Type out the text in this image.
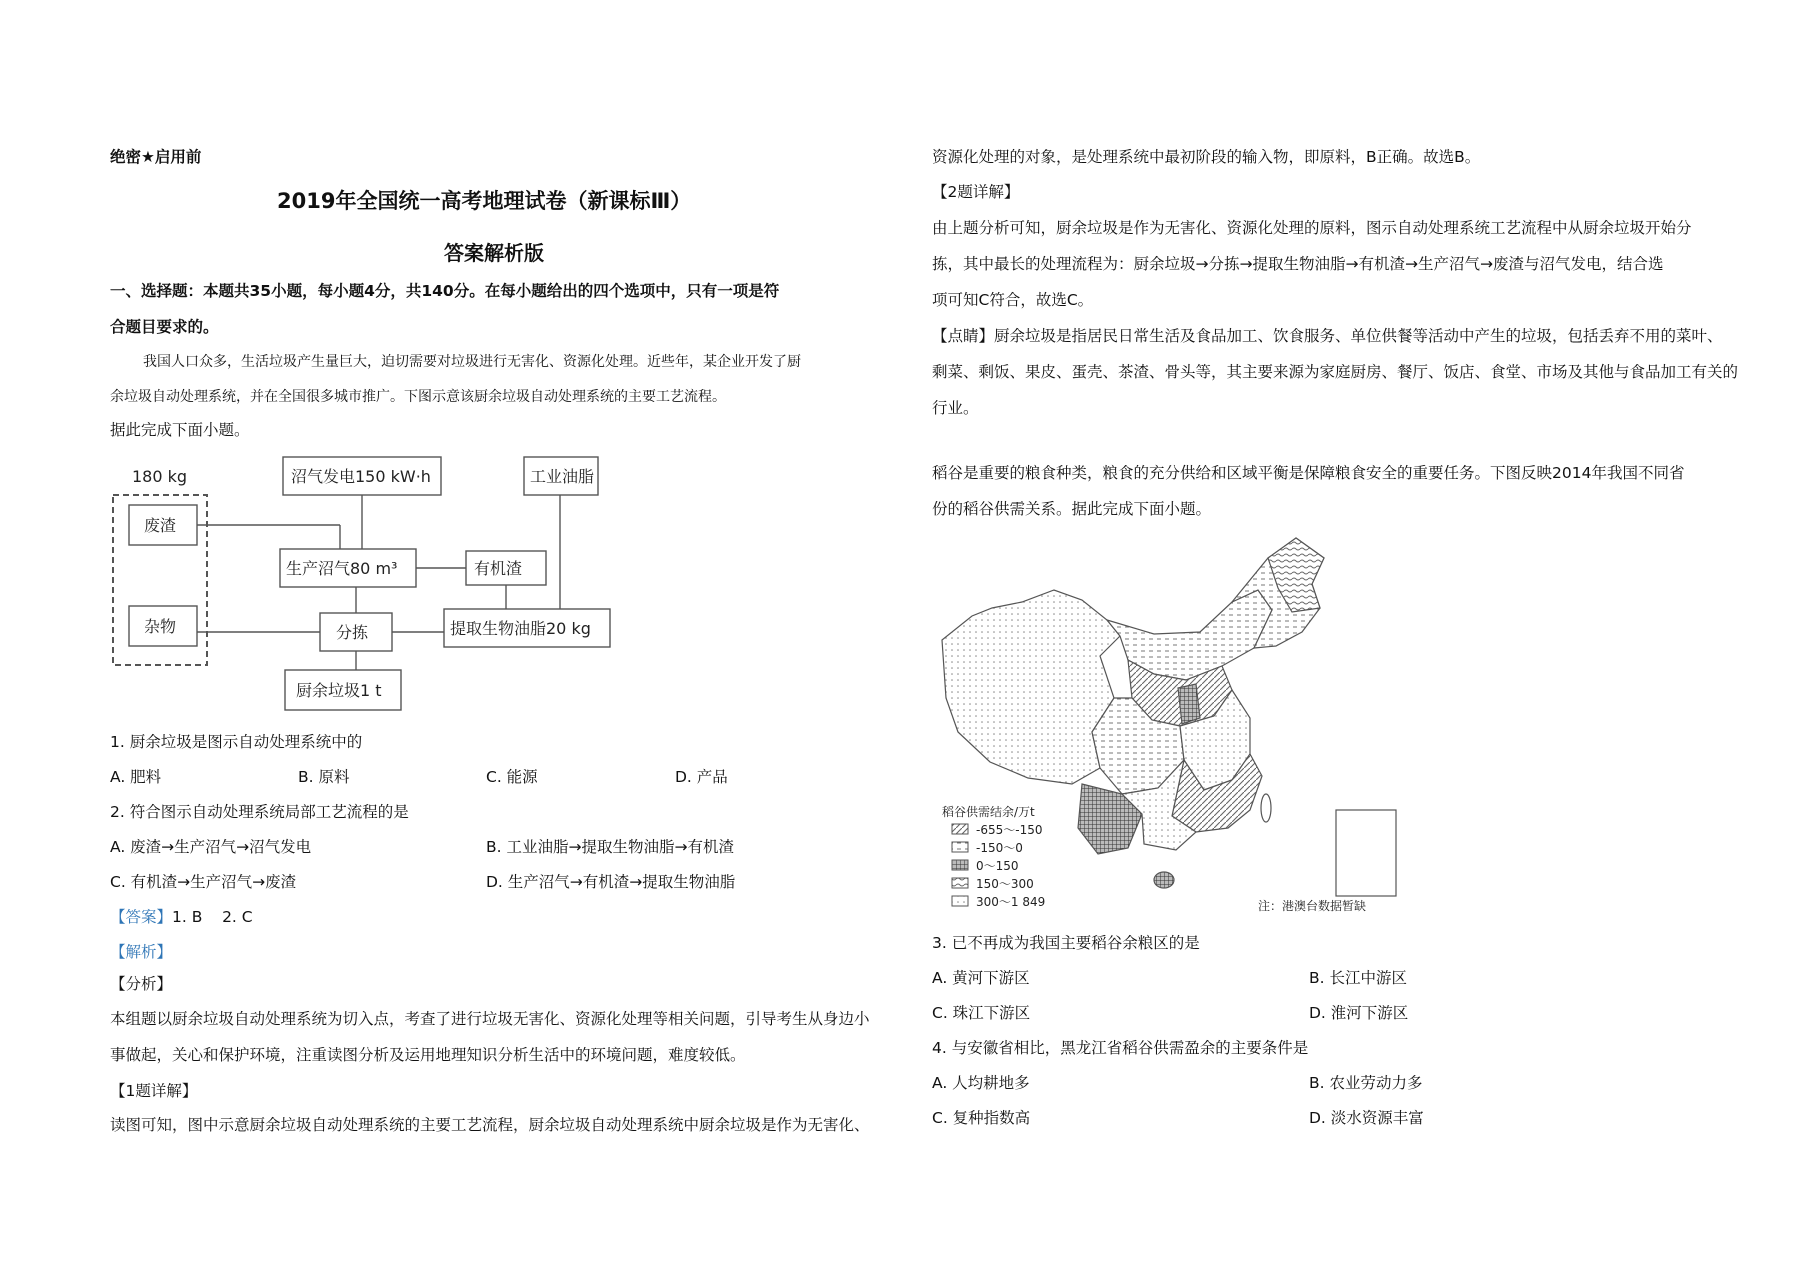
绝密★启用前
2019年全国统一高考地理试卷（新课标Ⅲ）
答案解析版
一、选择题：本题共35小题，每小题4分，共140分。在每小题给出的四个选项中，只有一项是符
合题目要求的。
我国人口众多，生活垃圾产生量巨大，迫切需要对垃圾进行无害化、资源化处理。近些年，某企业开发了厨
余垃圾自动处理系统，并在全国很多城市推广。下图示意该厨余垃圾自动处理系统的主要工艺流程。
据此完成下面小题。
180 kg
废渣
杂物
沼气发电150 kW·h	工业油脂
生产沼气80 m³	有机渣
分拣	提取生物油脂20 kg
厨余垃圾1 t
1. 厨余垃圾是图示自动处理系统中的
A. 肥料	B. 原料	C. 能源	D. 产品
2. 符合图示自动处理系统局部工艺流程的是
A. 废渣→生产沼气→沼气发电	B. 工业油脂→提取生物油脂→有机渣
C. 有机渣→生产沼气→废渣	D. 生产沼气→有机渣→提取生物油脂
【答案】1. B    2. C
【解析】
【分析】
本组题以厨余垃圾自动处理系统为切入点，考查了进行垃圾无害化、资源化处理等相关问题，引导考生从身边小
事做起，关心和保护环境，注重读图分析及运用地理知识分析生活中的环境问题，难度较低。
【1题详解】
读图可知，图中示意厨余垃圾自动处理系统的主要工艺流程，厨余垃圾自动处理系统中厨余垃圾是作为无害化、
资源化处理的对象，是处理系统中最初阶段的输入物，即原料，B正确。故选B。
【2题详解】
由上题分析可知，厨余垃圾是作为无害化、资源化处理的原料，图示自动处理系统工艺流程中从厨余垃圾开始分
拣，其中最长的处理流程为：厨余垃圾→分拣→提取生物油脂→有机渣→生产沼气→废渣与沼气发电，结合选
项可知C符合，故选C。
【点睛】厨余垃圾是指居民日常生活及食品加工、饮食服务、单位供餐等活动中产生的垃圾，包括丢弃不用的菜叶、
剩菜、剩饭、果皮、蛋壳、茶渣、骨头等，其主要来源为家庭厨房、餐厅、饭店、食堂、市场及其他与食品加工有关的
行业。
稻谷是重要的粮食种类，粮食的充分供给和区域平衡是保障粮食安全的重要任务。下图反映2014年我国不同省
份的稻谷供需关系。据此完成下面小题。
稻谷供需结余/万t
-655～-150
-150～0
0～150
150～300
300～1 849	注：港澳台数据暂缺
3. 已不再成为我国主要稻谷余粮区的是
A. 黄河下游区	B. 长江中游区
C. 珠江下游区	D. 淮河下游区
4. 与安徽省相比，黑龙江省稻谷供需盈余的主要条件是
A. 人均耕地多	B. 农业劳动力多
C. 复种指数高	D. 淡水资源丰富
